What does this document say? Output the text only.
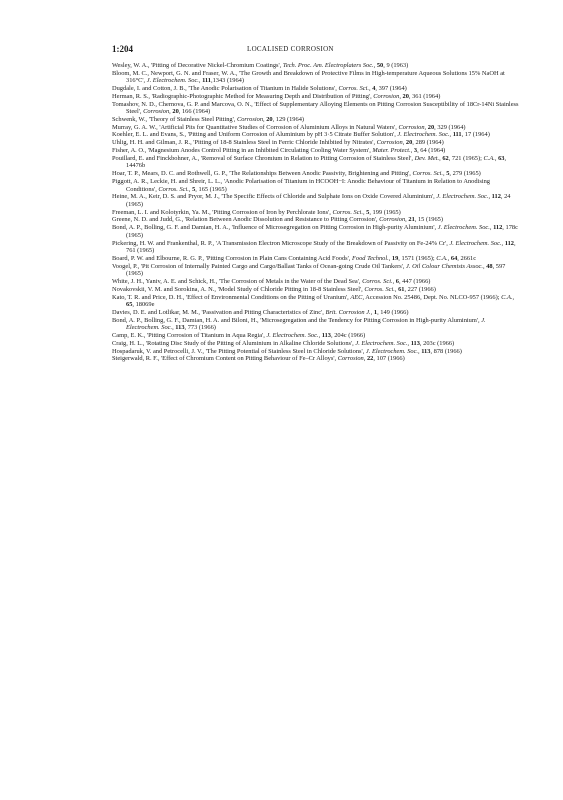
1:204	LOCALISED CORROSION

Wesley, W. A., 'Pitting of Decorative Nickel-Chromium Coatings', Tech. Proc. Am. Electroplaters Soc., 50, 9 (1963)

Bloom, M. C., Newport, G. N. and Fraser, W. A., 'The Growth and Breakdown of Protective Films in High-temperature Aqueous Solutions 15% NaOH at 316°C', J. Electrochem. Soc., 111,1343 (1964)

Dugdale, I. and Cotton, J. B., 'The Anodic Polarisation of Titanium in Halide Solutions', Corros. Sci., 4, 397 (1964)

Herman, R. S., 'Radiographic-Photographic Method for Measuring Depth and Distribution of Pitting', Corrosion, 20, 361 (1964)

Tomashov, N. D., Chernova, G. P. and Marcova, O. N., 'Effect of Supplementary Alloying Elements on Pitting Corrosion Susceptibility of 18Cr-14Ni Stainless Steel', Corrosion, 20, 166 (1964)

Schwenk, W., 'Theory of Stainless Steel Pitting', Corrosion, 20, 129 (1964)

Murray, G. A. W., 'Artificial Pits for Quantitative Studies of Corrosion of Aluminium Alloys in Natural Waters', Corrosion, 20, 329 (1964)

Koehler, E. L. and Evans, S., 'Pitting and Uniform Corrosion of Aluminium by pH 3·5 Citrate Buffer Solution', J. Electrochem. Soc., 111, 17 (1964)

Uhlig, H. H. and Gilman, J. R., 'Pitting of 18-8 Stainless Steel in Ferric Chloride Inhibited by Nitrates', Corrosion, 20, 289 (1964)

Fisher, A. O., 'Magnesium Anodes Control Pitting in an Inhibited Circulating Cooling Water System', Mater. Protect., 3, 64 (1964)

Pouillard, E. and Finckbohner, A., 'Removal of Surface Chromium in Relation to Pitting Corrosion of Stainless Steel', Dev. Met., 62, 721 (1965); C.A., 63, 14476b

Hoar, T. P., Mears, D. C. and Rothwell, G. P., 'The Relationships Between Anodic Passivity, Brightening and Pitting', Corros. Sci., 5, 279 (1965)

Piggott, A. R., Leckie, H. and Shreir, L. L., 'Anodic Polarisation of Titanium in HCOOH−I: Anodic Behaviour of Titanium in Relation to Anodising Conditions', Corros. Sci., 5, 165 (1965)

Heine, M. A., Keir, D. S. and Pryor, M. J., 'The Specific Effects of Chloride and Sulphate Ions on Oxide Covered Aluminium', J. Electrochem. Soc., 112, 24 (1965)

Freeman, L. I. and Kolotyrkin, Ya. M., 'Pitting Corrosion of Iron by Perchlorate Ions', Corros. Sci., 5, 199 (1965)

Greene, N. D. and Judd, G., 'Relation Between Anodic Dissolution and Resistance to Pitting Corrosion', Corrosion, 21, 15 (1965)

Bond, A. P., Bolling, G. F. and Damian, H. A., 'Influence of Microsegregation on Pitting Corrosion in High-purity Aluminium', J. Electrochem. Soc., 112, 178c (1965)

Pickering, H. W. and Frankenthal, R. P., 'A Transmission Electron Microscope Study of the Breakdown of Passivity on Fe-24% Cr', J. Electrochem. Soc., 112, 761 (1965)

Board, P. W. and Elbourne, R. G. P., 'Pitting Corrosion in Plain Cans Containing Acid Foods', Food Technol., 19, 1571 (1965); C.A., 64, 2661c

Voogel, P., 'Pit Corrosion of Internally Painted Cargo and Cargo/Ballast Tanks of Ocean-going Crude Oil Tankers', J. Oil Colour Chemists Assoc., 48, 597 (1965)

White, J. H., Yaniv, A. E. and Schick, H., 'The Corrosion of Metals in the Water of the Dead Sea', Corros. Sci., 6, 447 (1966)

Novakovskii, V. M. and Sorokina, A. N., 'Model Study of Chloride Pitting in 18-8 Stainless Steel', Corros. Sci., 61, 227 (1966)

Kato, T. R. and Price, D. H., 'Effect of Environmental Conditions on the Pitting of Uranium', AEC, Accession No. 25486, Dept. No. NLCO-957 (1966); C.A., 65, 18069e

Davies, D. E. and Lotlikar, M. M., 'Passivation and Pitting Characteristics of Zinc', Brit. Corrosion J., 1, 149 (1966)

Bond, A. P., Bolling, G. F., Damian, H. A. and Biloni, H., 'Microsegregation and the Tendency for Pitting Corrosion in High-purity Aluminium', J. Electrochem. Soc., 113, 773 (1966)

Camp, E. K., 'Pitting Corrosion of Titanium in Aqua Regia', J. Electrochem. Soc., 113, 204c (1966)

Craig, H. L., 'Rotating Disc Study of the Pitting of Aluminium in Alkaline Chloride Solutions', J. Electrochem. Soc., 113, 203c (1966)

Hospadaruk, V. and Petrocelli, J. V., 'The Pitting Potential of Stainless Steel in Chloride Solutions', J. Electrochem. Soc., 113, 878 (1966)

Steigerwald, R. F., 'Effect of Chromium Content on Pitting Behaviour of Fe–Cr Alloys', Corrosion, 22, 107 (1966)
